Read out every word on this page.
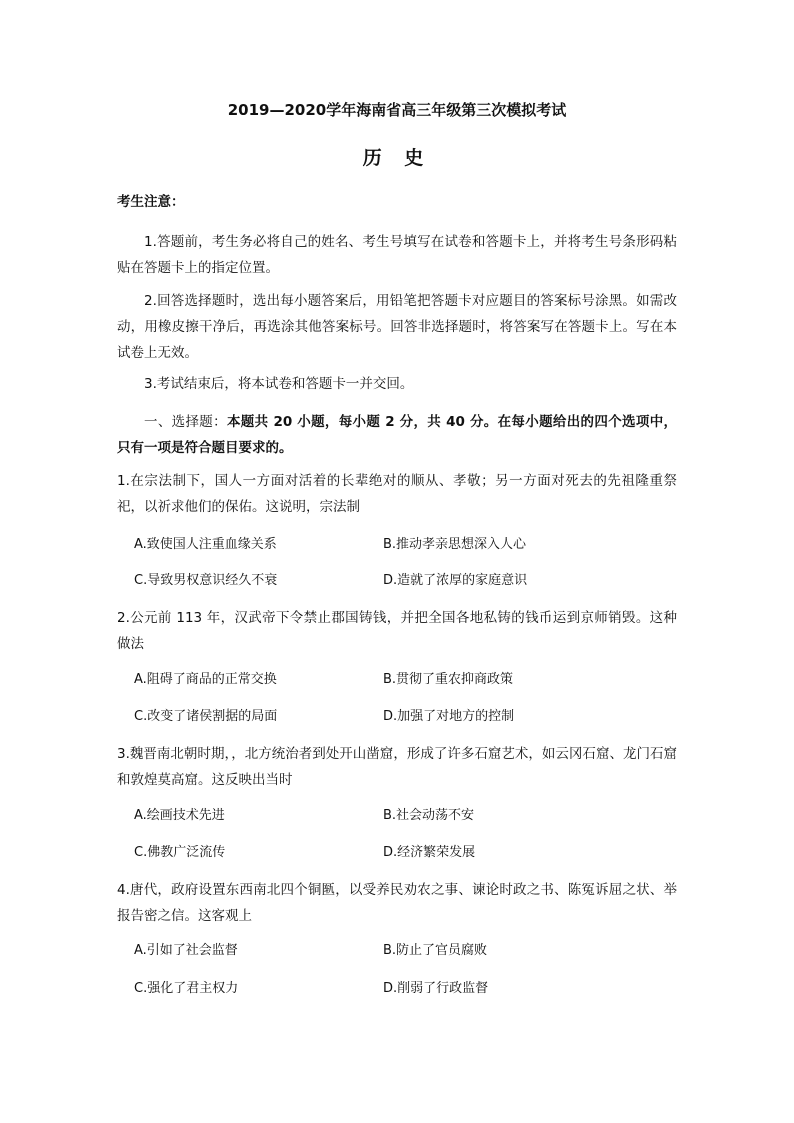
2019—2020学年海南省高三年级第三次模拟考试
历 史
考生注意：
1.答题前，考生务必将自己的姓名、考生号填写在试卷和答题卡上，并将考生号条形码粘贴在答题卡上的指定位置。
2.回答选择题时，选出每小题答案后，用铅笔把答题卡对应题目的答案标号涂黑。如需改动，用橡皮擦干净后，再选涂其他答案标号。回答非选择题时，将答案写在答题卡上。写在本试卷上无效。
3.考试结束后，将本试卷和答题卡一并交回。
一、选择题：本题共 20 小题，每小题 2 分，共 40 分。在每小题给出的四个选项中，只有一项是符合题目要求的。
1.在宗法制下，国人一方面对活着的长辈绝对的顺从、孝敬；另一方面对死去的先祖隆重祭祀，以祈求他们的保佑。这说明，宗法制
A.致使国人注重血缘关系	B.推动孝亲思想深入人心
C.导致男权意识经久不衰	D.造就了浓厚的家庭意识
2.公元前 113 年，汉武帝下令禁止郡国铸钱，并把全国各地私铸的钱币运到京师销毁。这种做法
A.阻碍了商品的正常交换	B.贯彻了重农抑商政策
C.改变了诸侯割据的局面	D.加强了对地方的控制
3.魏晋南北朝时期，，北方统治者到处开山凿窟，形成了许多石窟艺术，如云冈石窟、龙门石窟和敦煌莫高窟。这反映出当时
A.绘画技术先进	B.社会动荡不安
C.佛教广泛流传	D.经济繁荣发展
4.唐代，政府设置东西南北四个铜匦，以受养民劝农之事、谏论时政之书、陈冤诉屈之状、举报告密之信。这客观上
A.引如了社会监督	B.防止了官员腐败
C.强化了君主权力	D.削弱了行政监督
